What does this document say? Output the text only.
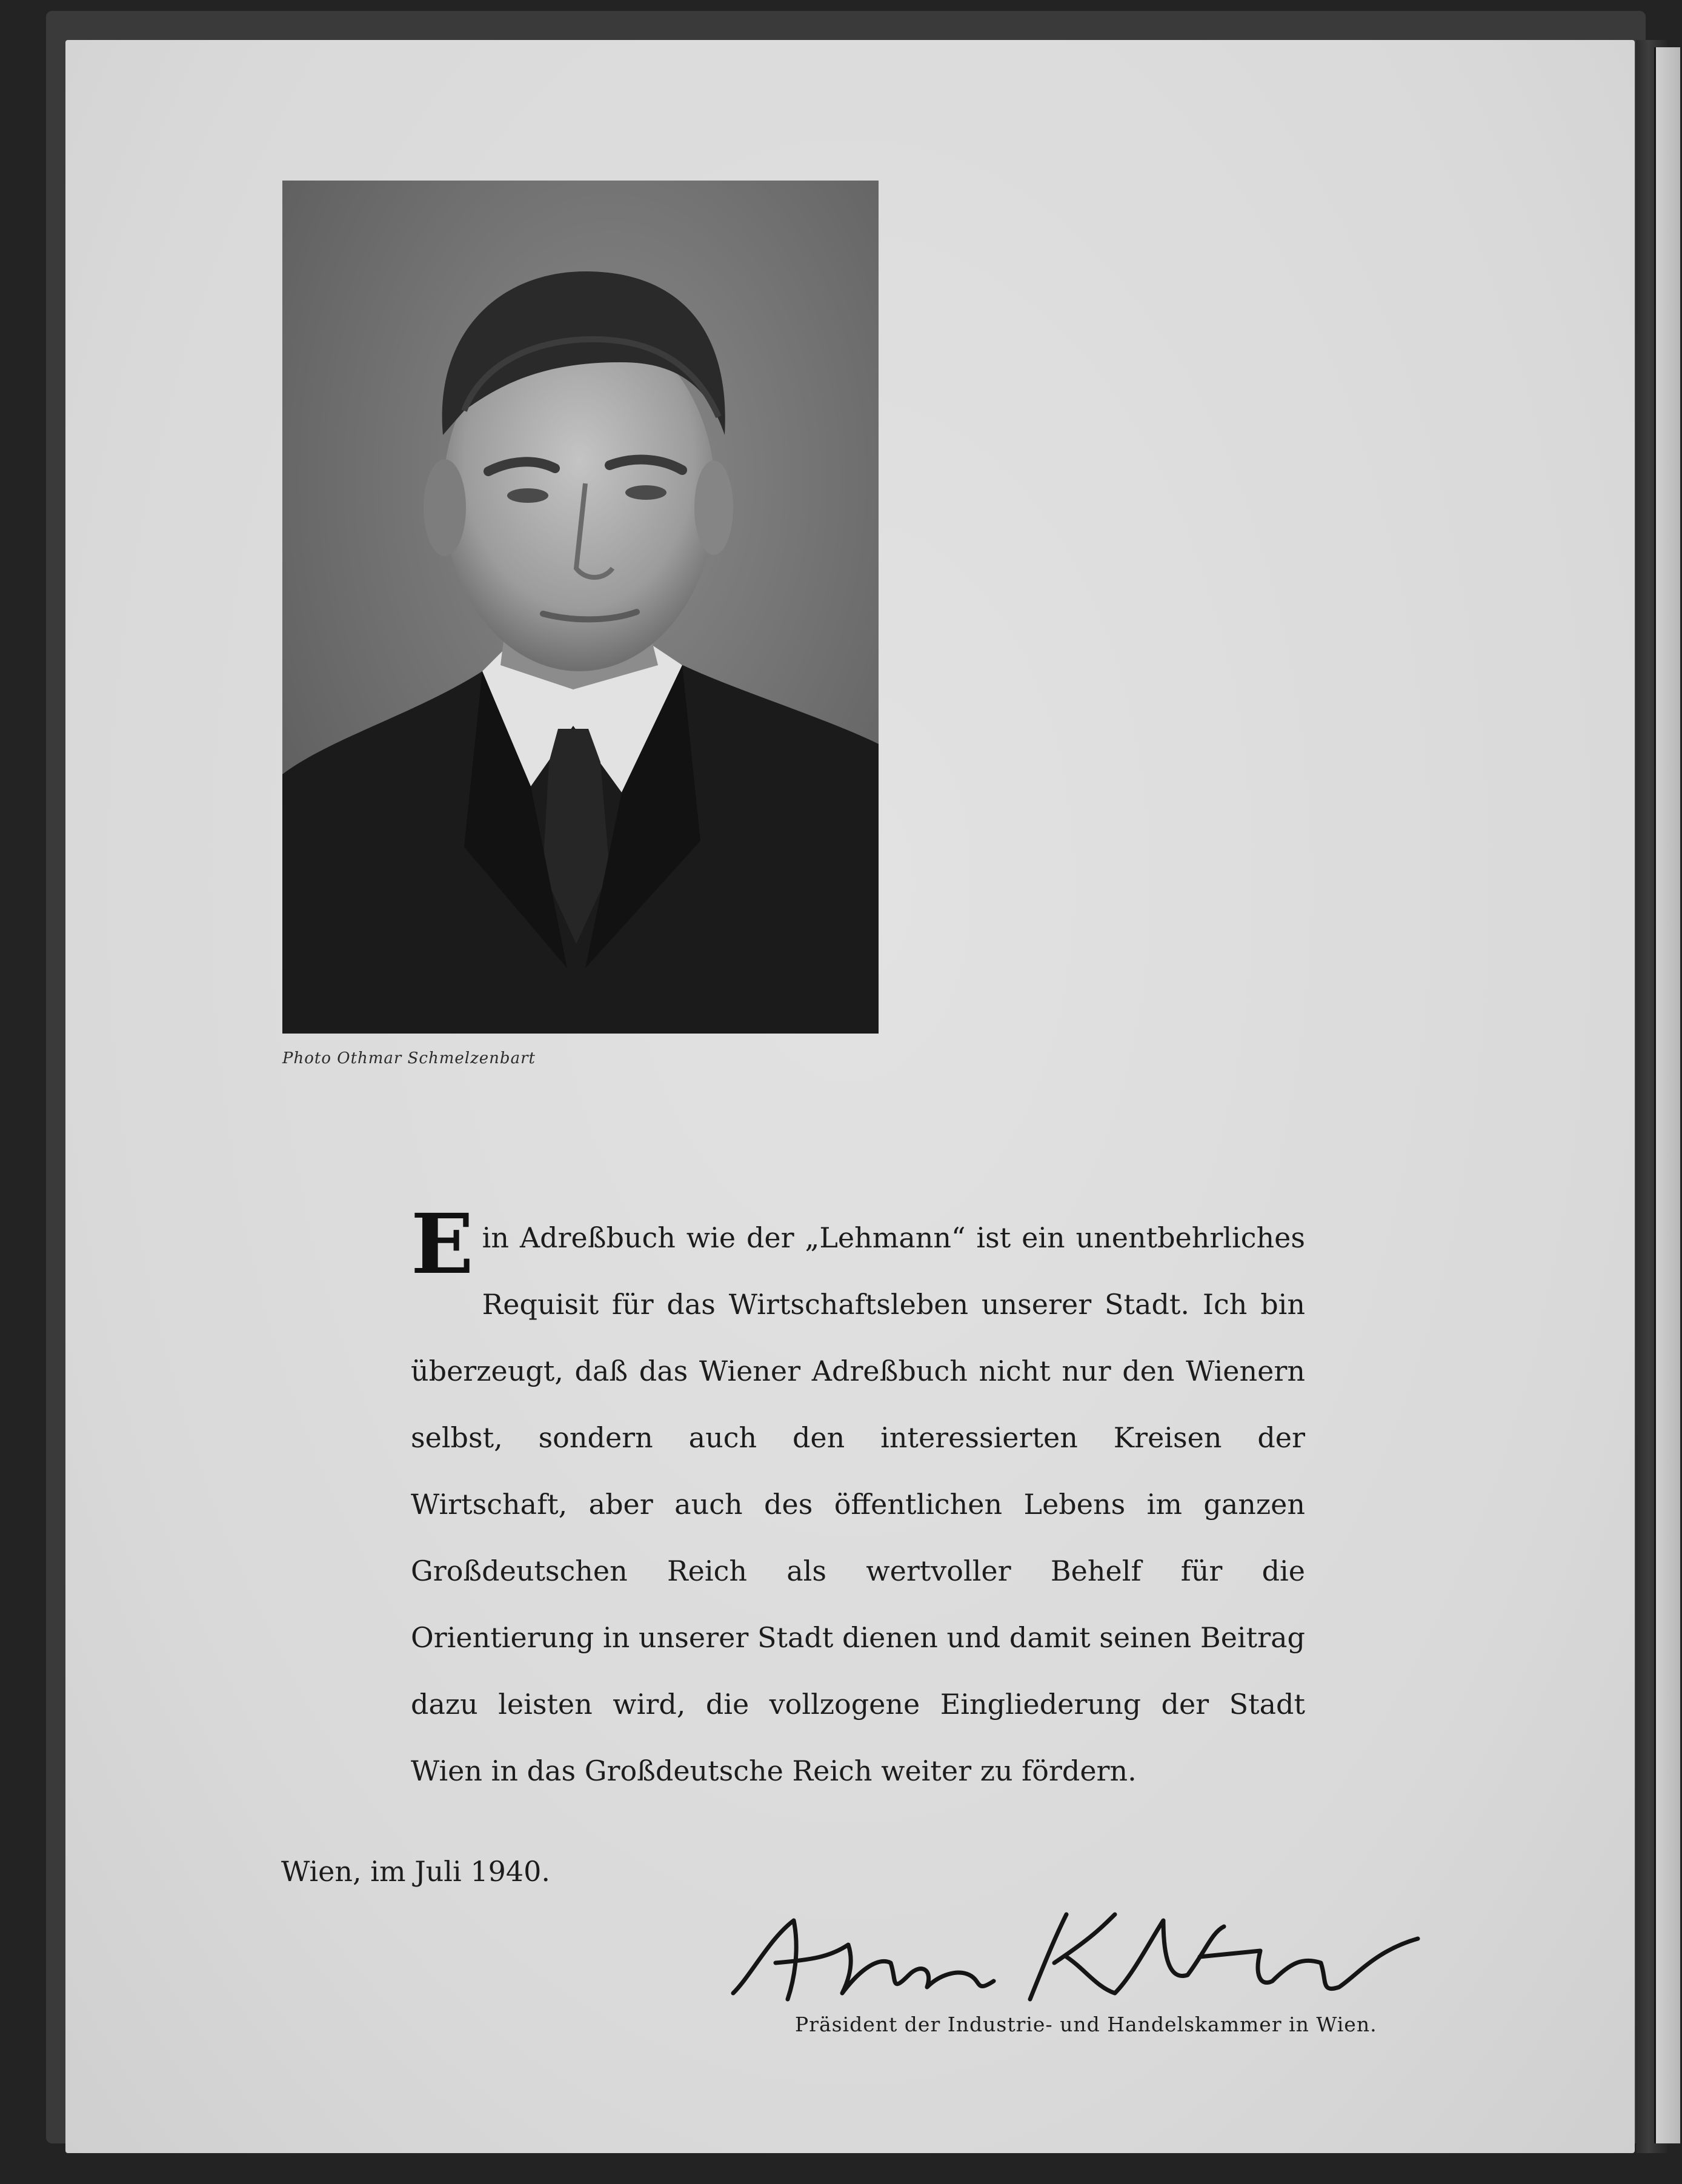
Photo Othmar Schmelzenbart
E in Adreßbuch wie der „Lehmann“ ist ein unentbehrliches Requisit für das Wirtschaftsleben unserer Stadt. Ich bin überzeugt, daß das Wiener Adreßbuch nicht nur den Wienern selbst, sondern auch den interessierten Kreisen der Wirtschaft, aber auch des öffentlichen Lebens im ganzen Großdeutschen Reich als wertvoller Behelf für die Orientierung in unserer Stadt dienen und damit seinen Beitrag dazu leisten wird, die vollzogene Eingliederung der Stadt Wien in das Großdeutsche Reich weiter zu fördern.
Wien, im Juli 1940.
Präsident der Industrie- und Handelskammer in Wien.
